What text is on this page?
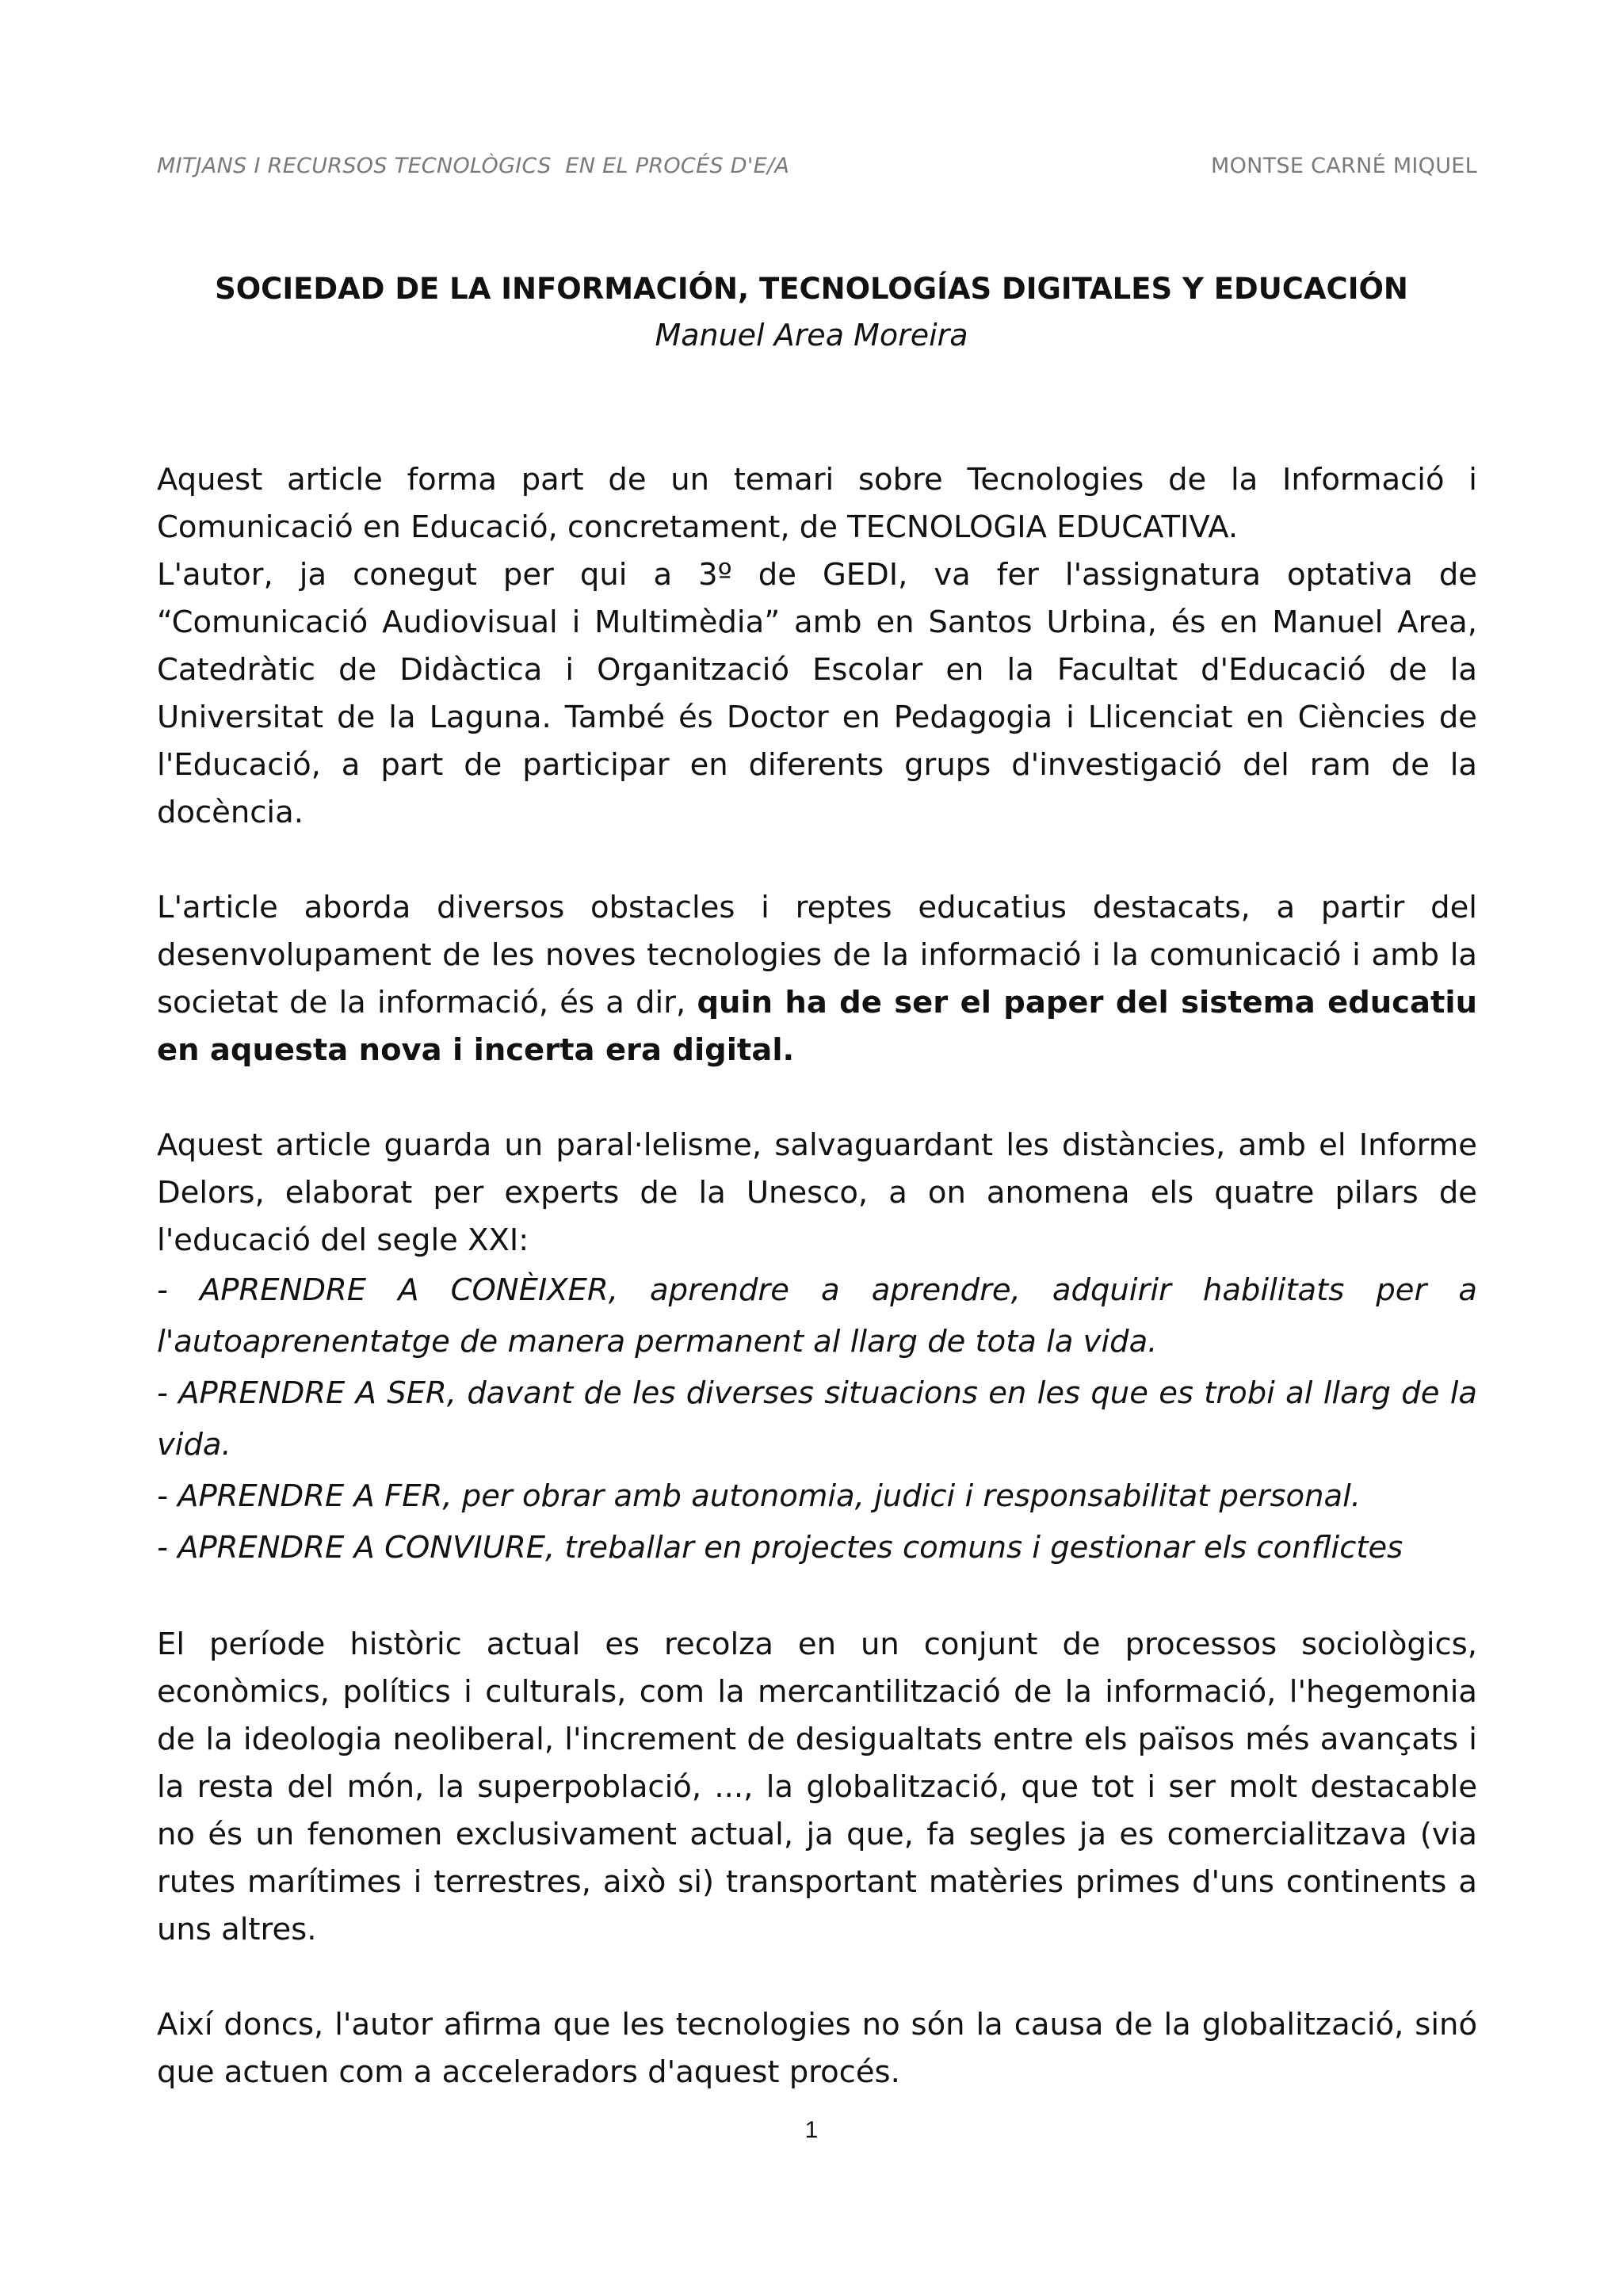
MITJANS I RECURSOS TECNOLÒGICS  EN EL PROCÉS D'E/A	MONTSE CARNÉ MIQUEL

SOCIEDAD DE LA INFORMACIÓN, TECNOLOGÍAS DIGITALES Y EDUCACIÓN

Manuel Area Moreira

Aquest article forma part de un temari sobre Tecnologies de la Informació i Comunicació en Educació, concretament, de TECNOLOGIA EDUCATIVA.

L'autor, ja conegut per qui a 3º de GEDI, va fer l'assignatura optativa de “Comunicació Audiovisual i Multimèdia” amb en Santos Urbina, és en Manuel Area, Catedràtic de Didàctica i Organització Escolar en la Facultat d'Educació de la Universitat de la Laguna. També és Doctor en Pedagogia i Llicenciat en Ciències de l'Educació, a part de participar en diferents grups d'investigació del ram de la docència.

L'article aborda diversos obstacles i reptes educatius destacats, a partir del desenvolupament de les noves tecnologies de la informació i la comunicació i amb la societat de la informació, és a dir, quin ha de ser el paper del sistema educatiu en aquesta nova i incerta era digital.

Aquest article guarda un paral·lelisme, salvaguardant les distàncies, amb el Informe Delors, elaborat per experts de la Unesco, a on anomena els quatre pilars de l'educació del segle XXI:

- APRENDRE A CONÈIXER, aprendre a aprendre, adquirir habilitats per a l'autoaprenentatge de manera permanent al llarg de tota la vida.

- APRENDRE A SER, davant de les diverses situacions en les que es trobi al llarg de la vida.

- APRENDRE A FER, per obrar amb autonomia, judici i responsabilitat personal.

- APRENDRE A CONVIURE, treballar en projectes comuns i gestionar els conflictes

El període històric actual es recolza en un conjunt de processos sociològics, econòmics, polítics i culturals, com la mercantilització de la informació, l'hegemonia de la ideologia neoliberal, l'increment de desigualtats entre els països més avançats i la resta del món, la superpoblació, ..., la globalització, que tot i ser molt destacable no és un fenomen exclusivament actual, ja que, fa segles ja es comercialitzava (via rutes marítimes i terrestres, això si) transportant matèries primes d'uns continents a uns altres.

Així doncs, l'autor afirma que les tecnologies no són la causa de la globalització, sinó que actuen com a acceleradors d'aquest procés.

1
